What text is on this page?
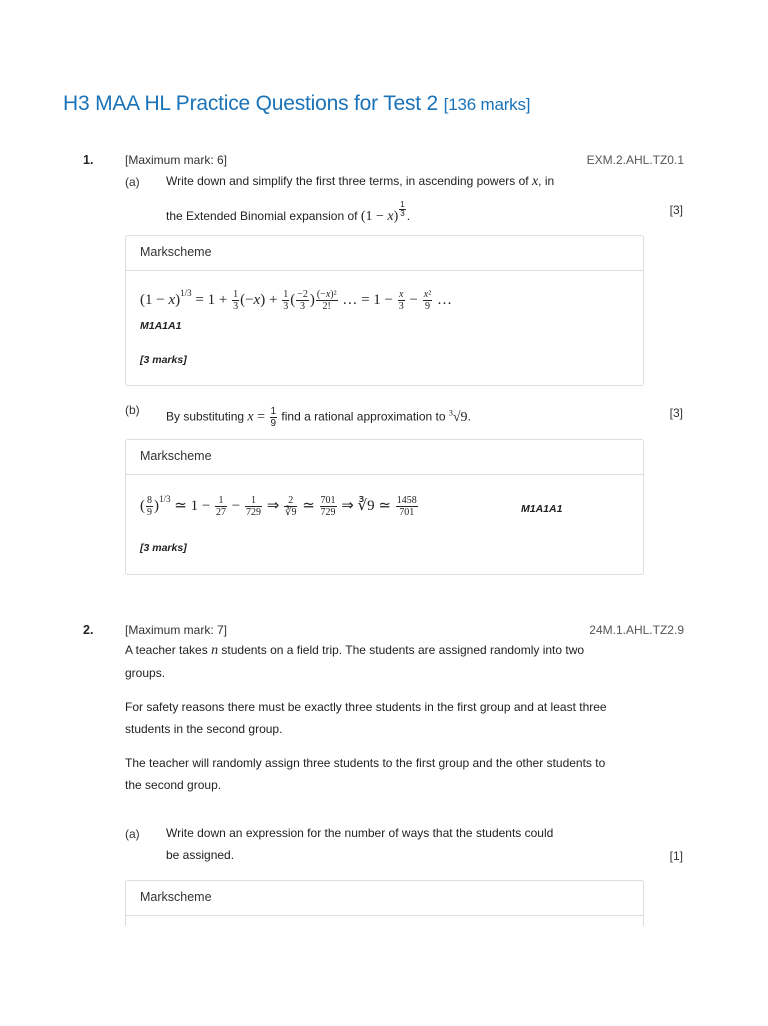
H3 MAA HL Practice Questions for Test 2 [136 marks]
1.	[Maximum mark: 6]	EXM.2.AHL.TZ0.1
(a) Write down and simplify the first three terms, in ascending powers of x, in
the Extended Binomial expansion of (1 − x) $^{\frac{1}{3}}$ .	[3]
Markscheme
$(1 - x)^{1/3} = 1 + \frac{1}{3} (-x) + \frac{1}{3}$ ( $\frac{-2}{3}$ ) $\frac{\text{(−x)²}}{2!}$ … = $1 - \frac{x}{3} - \frac{\text{x²}}{9}$ …
M1A1A1
[3 marks]
(b) By substituting $x = \frac{1}{9}$ find a rational approximation to $^3$√9.	[3]
Markscheme
( $\frac{8}{9} )^{1/3}$ ≃ $1 - \frac{1}{27} - \frac{1}{729}$ ⇒ $\frac{2}{∛9}$ ≃ $\frac{701}{729}$ ⇒ ∛9 ≃ $\frac{1458}{701}$	M1A1A1
[3 marks]
2.	[Maximum mark: 7]	24M.1.AHL.TZ2.9
A teacher takes n students on a field trip. The students are assigned randomly into two
groups.
For safety reasons there must be exactly three students in the first group and at least three
students in the second group.
The teacher will randomly assign three students to the first group and the other students to
the second group.
(a) Write down an expression for the number of ways that the students could
be assigned.	[1]
Markscheme
